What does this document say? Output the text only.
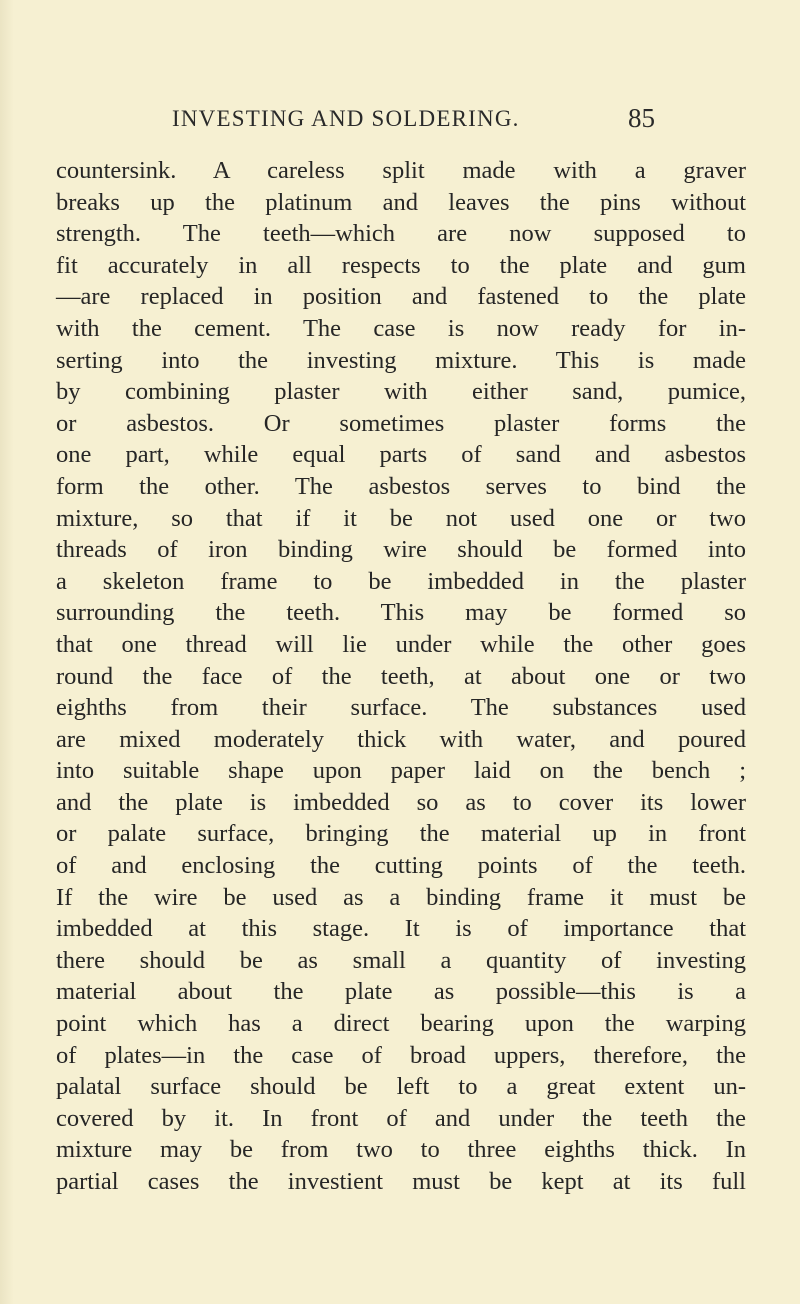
INVESTING AND SOLDERING.	85
countersink. A careless split made with a graver
breaks up the platinum and leaves the pins without
strength. The teeth—which are now supposed to
fit accurately in all respects to the plate and gum
—are replaced in position and fastened to the plate
with the cement. The case is now ready for in-
serting into the investing mixture. This is made
by combining plaster with either sand, pumice,
or asbestos. Or sometimes plaster forms the
one part, while equal parts of sand and asbestos
form the other. The asbestos serves to bind the
mixture, so that if it be not used one or two
threads of iron binding wire should be formed into
a skeleton frame to be imbedded in the plaster
surrounding the teeth. This may be formed so
that one thread will lie under while the other goes
round the face of the teeth, at about one or two
eighths from their surface. The substances used
are mixed moderately thick with water, and poured
into suitable shape upon paper laid on the bench ;
and the plate is imbedded so as to cover its lower
or palate surface, bringing the material up in front
of and enclosing the cutting points of the teeth.
If the wire be used as a binding frame it must be
imbedded at this stage. It is of importance that
there should be as small a quantity of investing
material about the plate as possible—this is a
point which has a direct bearing upon the warping
of plates—in the case of broad uppers, therefore, the
palatal surface should be left to a great extent un-
covered by it. In front of and under the teeth the
mixture may be from two to three eighths thick. In
partial cases the investient must be kept at its full
